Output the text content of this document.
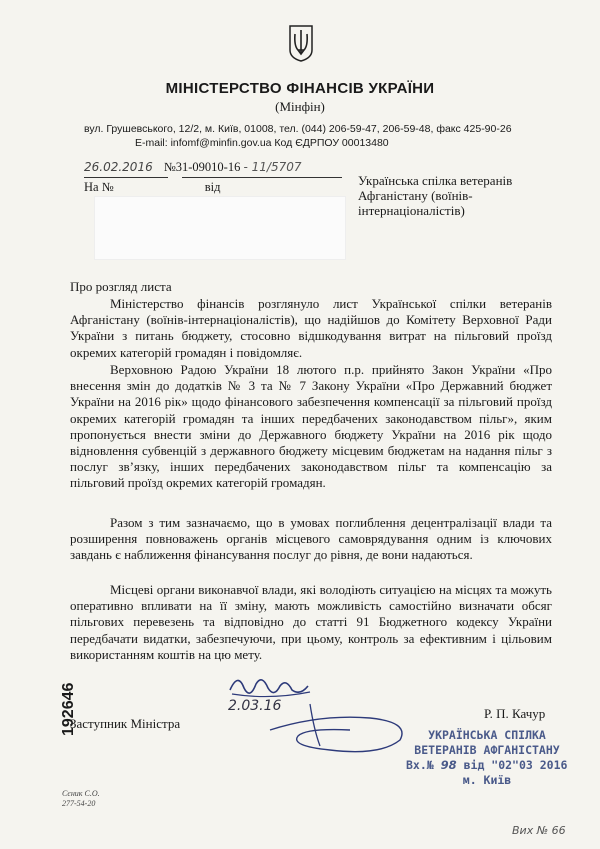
МІНІСТЕРСТВО ФІНАНСІВ УКРАЇНИ
(Мінфін)
вул. Грушевського, 12/2, м. Київ, 01008, тел. (044) 206-59-47, 206-59-48, факс 425-90-26
E-mail: infomf@minfin.gov.ua Код ЄДРПОУ 00013480
26.02.2016 №31-09010-16 - 11/5707
На №	від	Українська спілка ветеранів
Афганістану (воїнів-
інтернаціоналістів)
Про розгляд листа
Міністерство фінансів розглянуло лист Української спілки ветеранів Афганістану (воїнів-інтернаціоналістів), що надійшов до Комітету Верховної Ради України з питань бюджету, стосовно відшкодування витрат на пільговий проїзд окремих категорій громадян і повідомляє.
Верховною Радою України 18 лютого п.р. прийнято Закон України «Про внесення змін до додатків № 3 та № 7 Закону України «Про Державний бюджет України на 2016 рік» щодо фінансового забезпечення компенсації за пільговий проїзд окремих категорій громадян та інших передбачених законодавством пільг», яким пропонується внести зміни до Державного бюджету України на 2016 рік щодо відновлення субвенцій з державного бюджету місцевим бюджетам на надання пільг з послуг зв’язку, інших передбачених законодавством пільг та компенсацію за пільговий проїзд окремих категорій громадян.
Разом з тим зазначаємо, що в умовах поглиблення децентралізації влади та розширення повноважень органів місцевого самоврядування одним із ключових завдань є наближення фінансування послуг до рівня, де вони надаються.
Місцеві органи виконавчої влади, які володіють ситуацією на місцях та можуть оперативно впливати на її зміну, мають можливість самостійно визначати обсяг пільгових перевезень та відповідно до статті 91 Бюджетного кодексу України передбачати видатки, забезпечуючи, при цьому, контроль за ефективним і цільовим використанням коштів на цю мету.
2.03.16
Заступник Міністра
Р. П. Качур
192646
Сєник С.О.
277-54-20
УКРАЇНСЬКА СПІЛКА
ВЕТЕРАНІВ АФГАНІСТАНУ
Вх.№ 98 від "02"03 2016
м. Київ
Вих № 66
